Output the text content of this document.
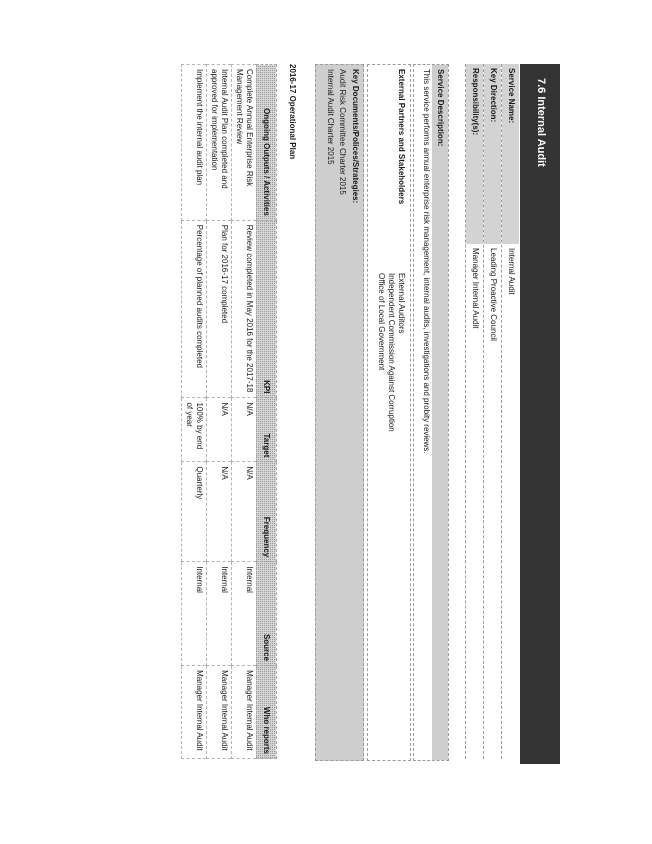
7.6 Internal Audit
Service Name:
Internal Audit
Key Direction:
Leading Proactive Council
Responsibility(s):
Manager Internal Audit
Service Description:
This service performs annual enterprise risk management, internal audits, investigations and probity reviews.
External Partners and Stakeholders
External Auditors
Independent Commission Against Corruption
Office of Local Government
Key Documents/Polices/Strategies:
Audit Risk Committee Charter 2015
Internal Audit Charter 2015
2016-17 Operational Plan
Ongoing Outputs / Activities	KPI	Target	Frequency	Source	Who reports
Complete Annual Enterprise Risk Management Review	Review completed in May 2016 for the 2017-18	N/A	N/A	Internal	Manager Internal Audit
Internal Audit Plan completed and approved for implementation	Plan for 2016-17 completed	N/A	N/A	Internal	Manager Internal Audit
Implement the internal audit plan	Percentage of planned audits completed	100% by end of year	Quarterly	Internal	Manager Internal Audit
